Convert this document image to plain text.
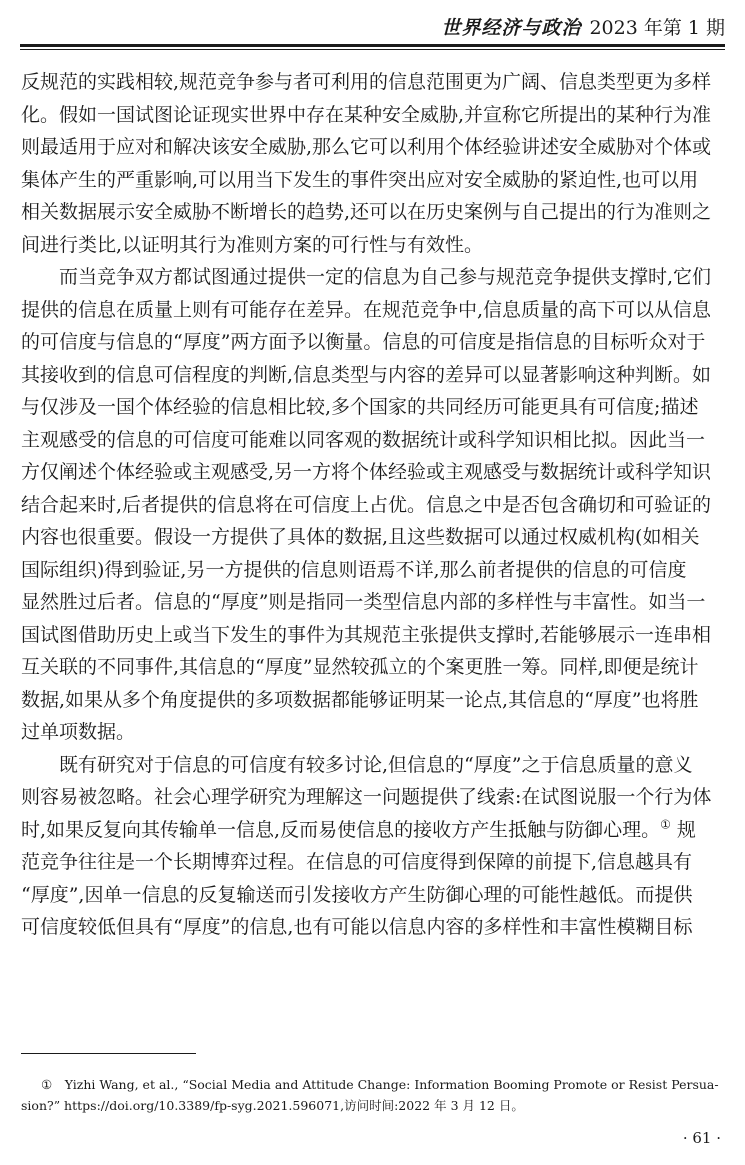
世界经济与政治 2023 年第 1 期
反规范的实践相较,规范竞争参与者可利用的信息范围更为广阔、信息类型更为多样
化。假如一国试图论证现实世界中存在某种安全威胁,并宣称它所提出的某种行为准
则最适用于应对和解决该安全威胁,那么它可以利用个体经验讲述安全威胁对个体或
集体产生的严重影响,可以用当下发生的事件突出应对安全威胁的紧迫性,也可以用
相关数据展示安全威胁不断增长的趋势,还可以在历史案例与自己提出的行为准则之
间进行类比,以证明其行为准则方案的可行性与有效性。
　　而当竞争双方都试图通过提供一定的信息为自己参与规范竞争提供支撑时,它们
提供的信息在质量上则有可能存在差异。在规范竞争中,信息质量的高下可以从信息
的可信度与信息的“厚度”两方面予以衡量。信息的可信度是指信息的目标听众对于
其接收到的信息可信程度的判断,信息类型与内容的差异可以显著影响这种判断。如
与仅涉及一国个体经验的信息相比较,多个国家的共同经历可能更具有可信度;描述
主观感受的信息的可信度可能难以同客观的数据统计或科学知识相比拟。因此当一
方仅阐述个体经验或主观感受,另一方将个体经验或主观感受与数据统计或科学知识
结合起来时,后者提供的信息将在可信度上占优。信息之中是否包含确切和可验证的
内容也很重要。假设一方提供了具体的数据,且这些数据可以通过权威机构(如相关
国际组织)得到验证,另一方提供的信息则语焉不详,那么前者提供的信息的可信度
显然胜过后者。信息的“厚度”则是指同一类型信息内部的多样性与丰富性。如当一
国试图借助历史上或当下发生的事件为其规范主张提供支撑时,若能够展示一连串相
互关联的不同事件,其信息的“厚度”显然较孤立的个案更胜一筹。同样,即便是统计
数据,如果从多个角度提供的多项数据都能够证明某一论点,其信息的“厚度”也将胜
过单项数据。
　　既有研究对于信息的可信度有较多讨论,但信息的“厚度”之于信息质量的意义
则容易被忽略。社会心理学研究为理解这一问题提供了线索:在试图说服一个行为体
时,如果反复向其传输单一信息,反而易使信息的接收方产生抵触与防御心理。① 规
范竞争往往是一个长期博弈过程。在信息的可信度得到保障的前提下,信息越具有
“厚度”,因单一信息的反复输送而引发接收方产生防御心理的可能性越低。而提供
可信度较低但具有“厚度”的信息,也有可能以信息内容的多样性和丰富性模糊目标
①　Yizhi Wang, et al., “Social Media and Attitude Change: Information Booming Promote or Resist Persua-
sion?” https://doi.org/10.3389/fp-syg.2021.596071,访问时间:2022 年 3 月 12 日。
· 61 ·
